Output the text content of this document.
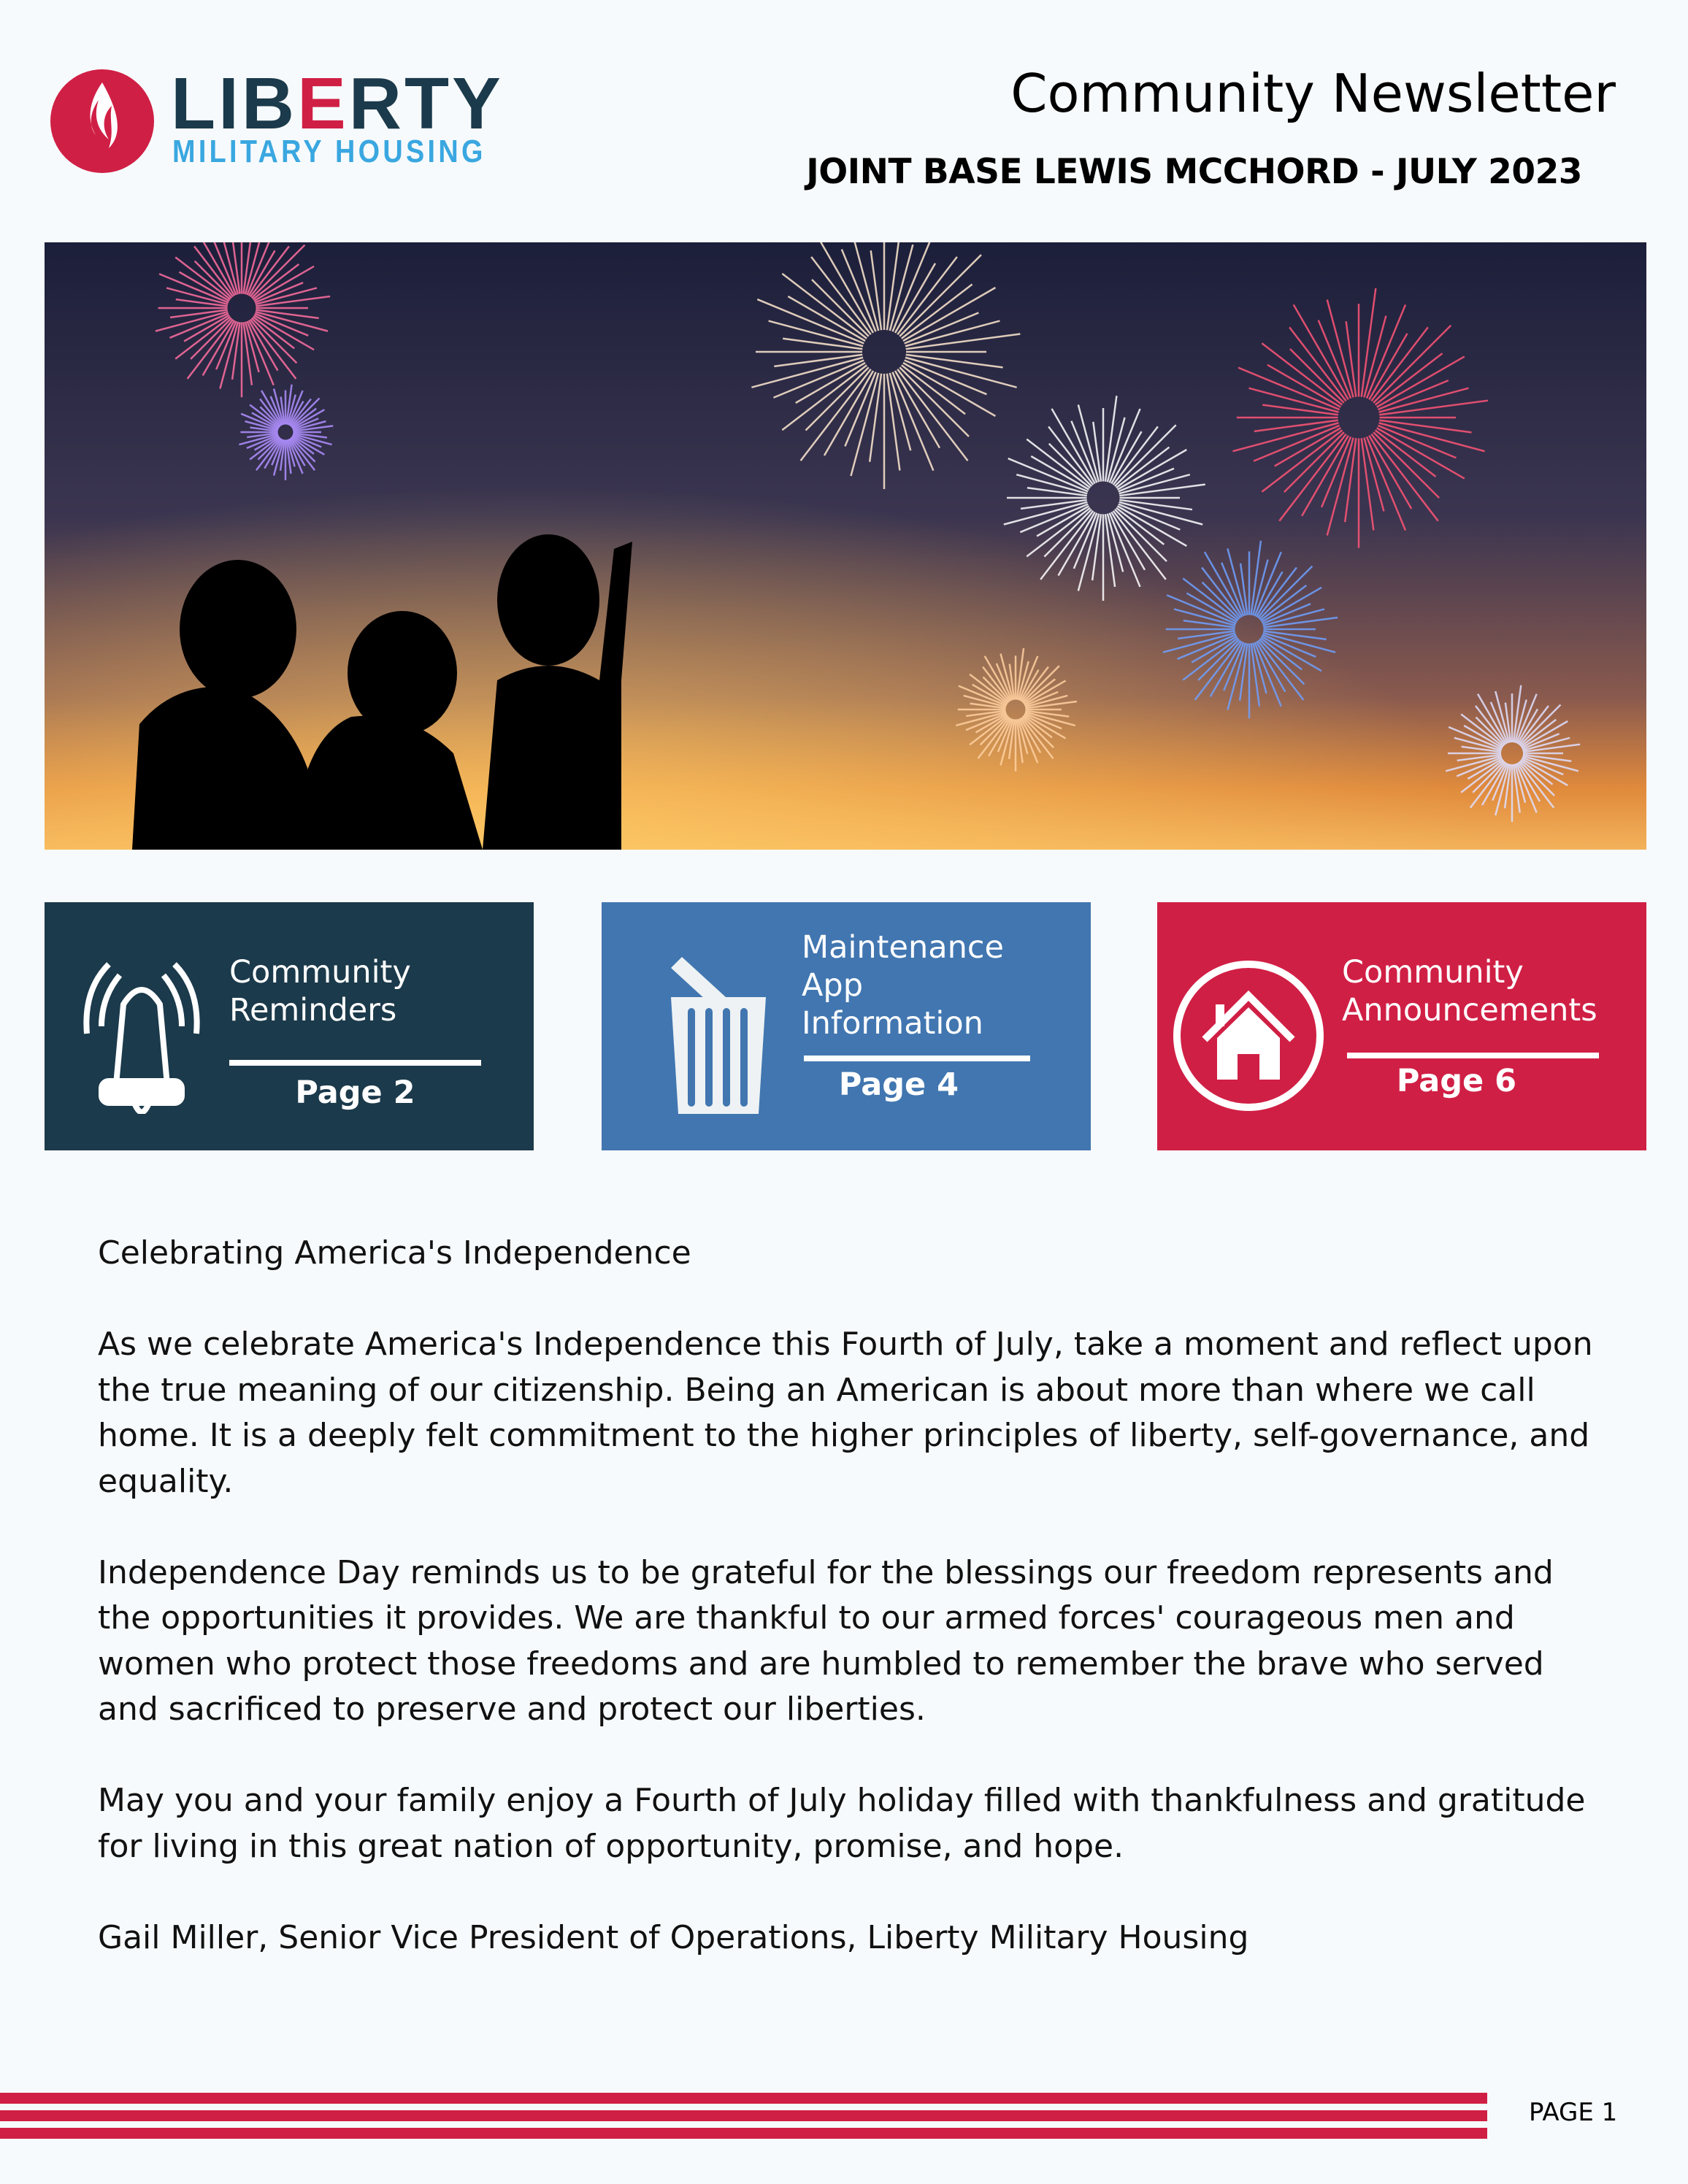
LIBERTY
MILITARY HOUSING
Community Newsletter
JOINT BASE LEWIS MCCHORD - JULY 2023
Community Reminders
Page 2
Maintenance App Information
Page 4
Community Announcements
Page 6

Celebrating America's Independence

As we celebrate America's Independence this Fourth of July, take a moment and reflect upon the true meaning of our citizenship. Being an American is about more than where we call home. It is a deeply felt commitment to the higher principles of liberty, self-governance, and equality.

Independence Day reminds us to be grateful for the blessings our freedom represents and the opportunities it provides. We are thankful to our armed forces' courageous men and women who protect those freedoms and are humbled to remember the brave who served and sacrificed to preserve and protect our liberties.

May you and your family enjoy a Fourth of July holiday filled with thankfulness and gratitude for living in this great nation of opportunity, promise, and hope.

Gail Miller, Senior Vice President of Operations, Liberty Military Housing

PAGE 1
